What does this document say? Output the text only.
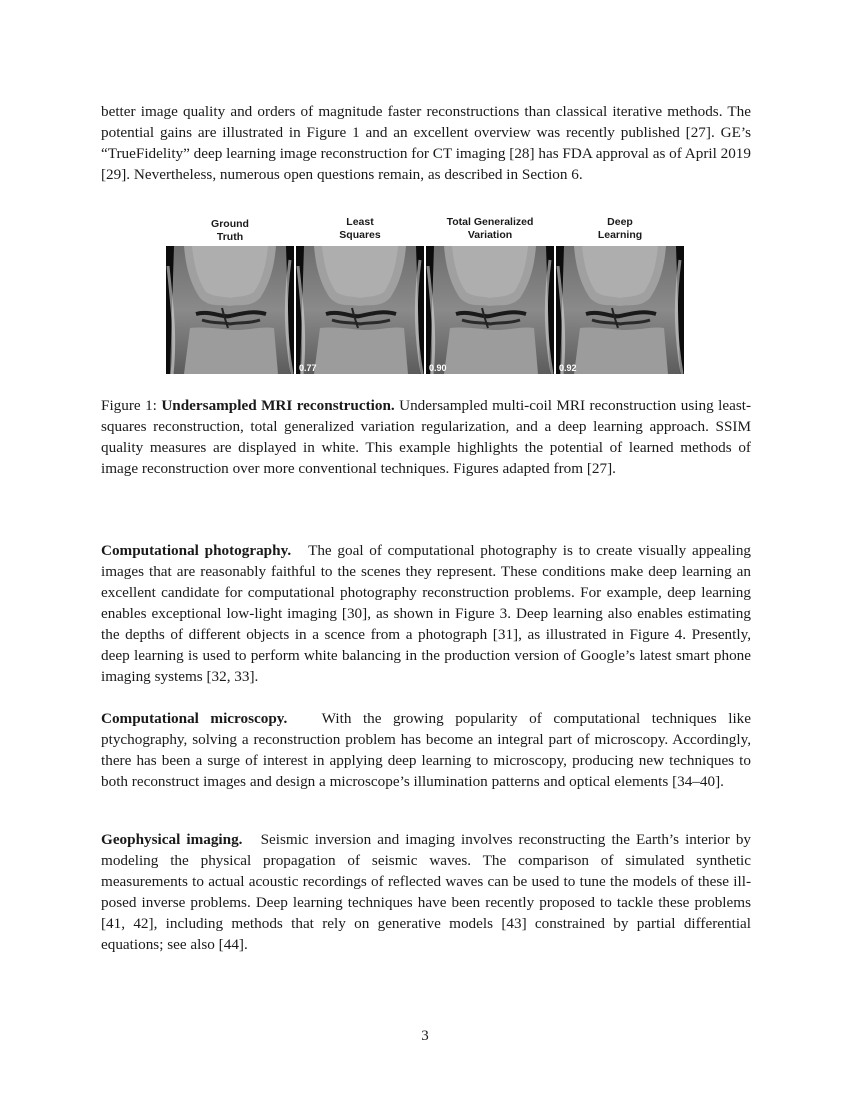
better image quality and orders of magnitude faster reconstructions than classical iterative methods. The potential gains are illustrated in Figure 1 and an excellent overview was recently published [27]. GE’s “TrueFidelity” deep learning image reconstruction for CT imaging [28] has FDA approval as of April 2019 [29]. Nevertheless, numerous open questions remain, as described in Section 6.

Ground
Truth
Least
Squares
Total Generalized
Variation
Deep
Learning
0.77	0.90	0.92

Figure 1: Undersampled MRI reconstruction. Undersampled multi-coil MRI reconstruction using least-squares reconstruction, total generalized variation regularization, and a deep learning approach. SSIM quality measures are displayed in white. This example highlights the potential of learned methods of image reconstruction over more conventional techniques. Figures adapted from [27].

Computational photography. The goal of computational photography is to create visually appealing images that are reasonably faithful to the scenes they represent. These conditions make deep learning an excellent candidate for computational photography reconstruction problems. For example, deep learning enables exceptional low-light imaging [30], as shown in Figure 3. Deep learning also enables estimating the depths of different objects in a scence from a photograph [31], as illustrated in Figure 4. Presently, deep learning is used to perform white balancing in the production version of Google’s latest smart phone imaging systems [32, 33].

Computational microscopy. With the growing popularity of computational techniques like ptychography, solving a reconstruction problem has become an integral part of microscopy. Accordingly, there has been a surge of interest in applying deep learning to microscopy, producing new techniques to both reconstruct images and design a microscope’s illumination patterns and optical elements [34–40].

Geophysical imaging. Seismic inversion and imaging involves reconstructing the Earth’s interior by modeling the physical propagation of seismic waves. The comparison of simulated synthetic measurements to actual acoustic recordings of reflected waves can be used to tune the models of these ill-posed inverse problems. Deep learning techniques have been recently proposed to tackle these problems [41, 42], including methods that rely on generative models [43] constrained by partial differential equations; see also [44].

3
